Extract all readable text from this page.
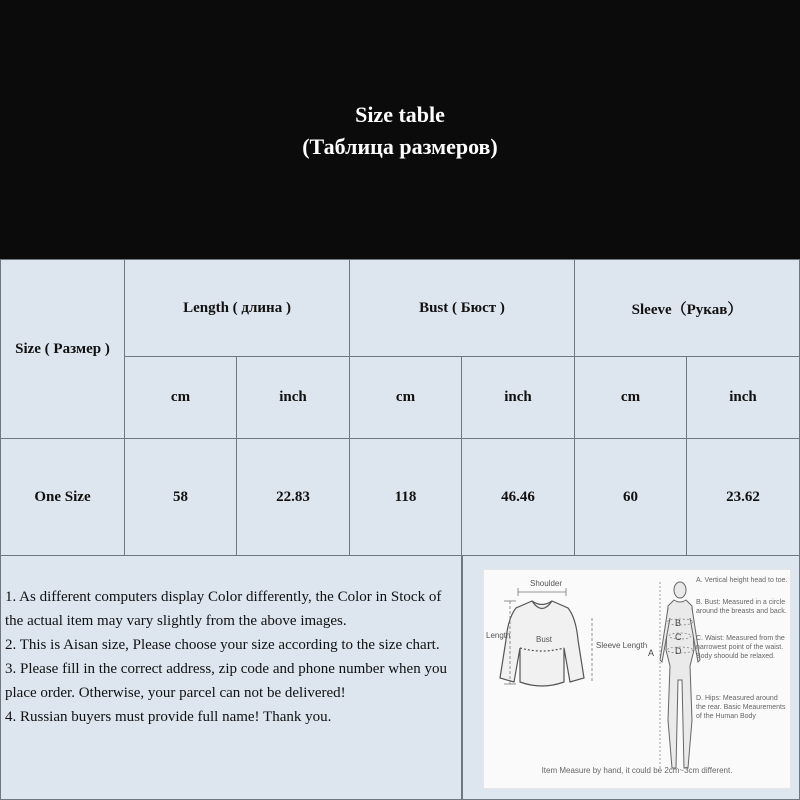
Size table
(Таблица размеров)
Size ( Размер )
Length ( длина )	Bust ( Бюст )	Sleeve（Рукав）
cm	inch	cm	inch	cm	inch
One Size	58	22.83	118	46.46	60	23.62

1. As different computers display Color differently, the Color in Stock of the actual item may vary slightly from the above images.

2. This is Aisan size, Please choose your size according to the size chart.

3. Please fill in the correct address, zip code and phone number when you place order. Otherwise, your parcel can not be delivered!

4. Russian buyers must provide full name! Thank you.

Shoulder
Length	Bust
Sleeve Length
A
B
C
D
A. Vertical height head to toe.
B. Bust: Measured in a circle around the breasts and back.
C. Waist: Measured from the narrowest point of the waist. Body shoould be relaxed.
D. Hips: Measured around the rear. Basic Meaurements of the Human Body
Item Measure by hand, it could be 2cm~3cm different.
